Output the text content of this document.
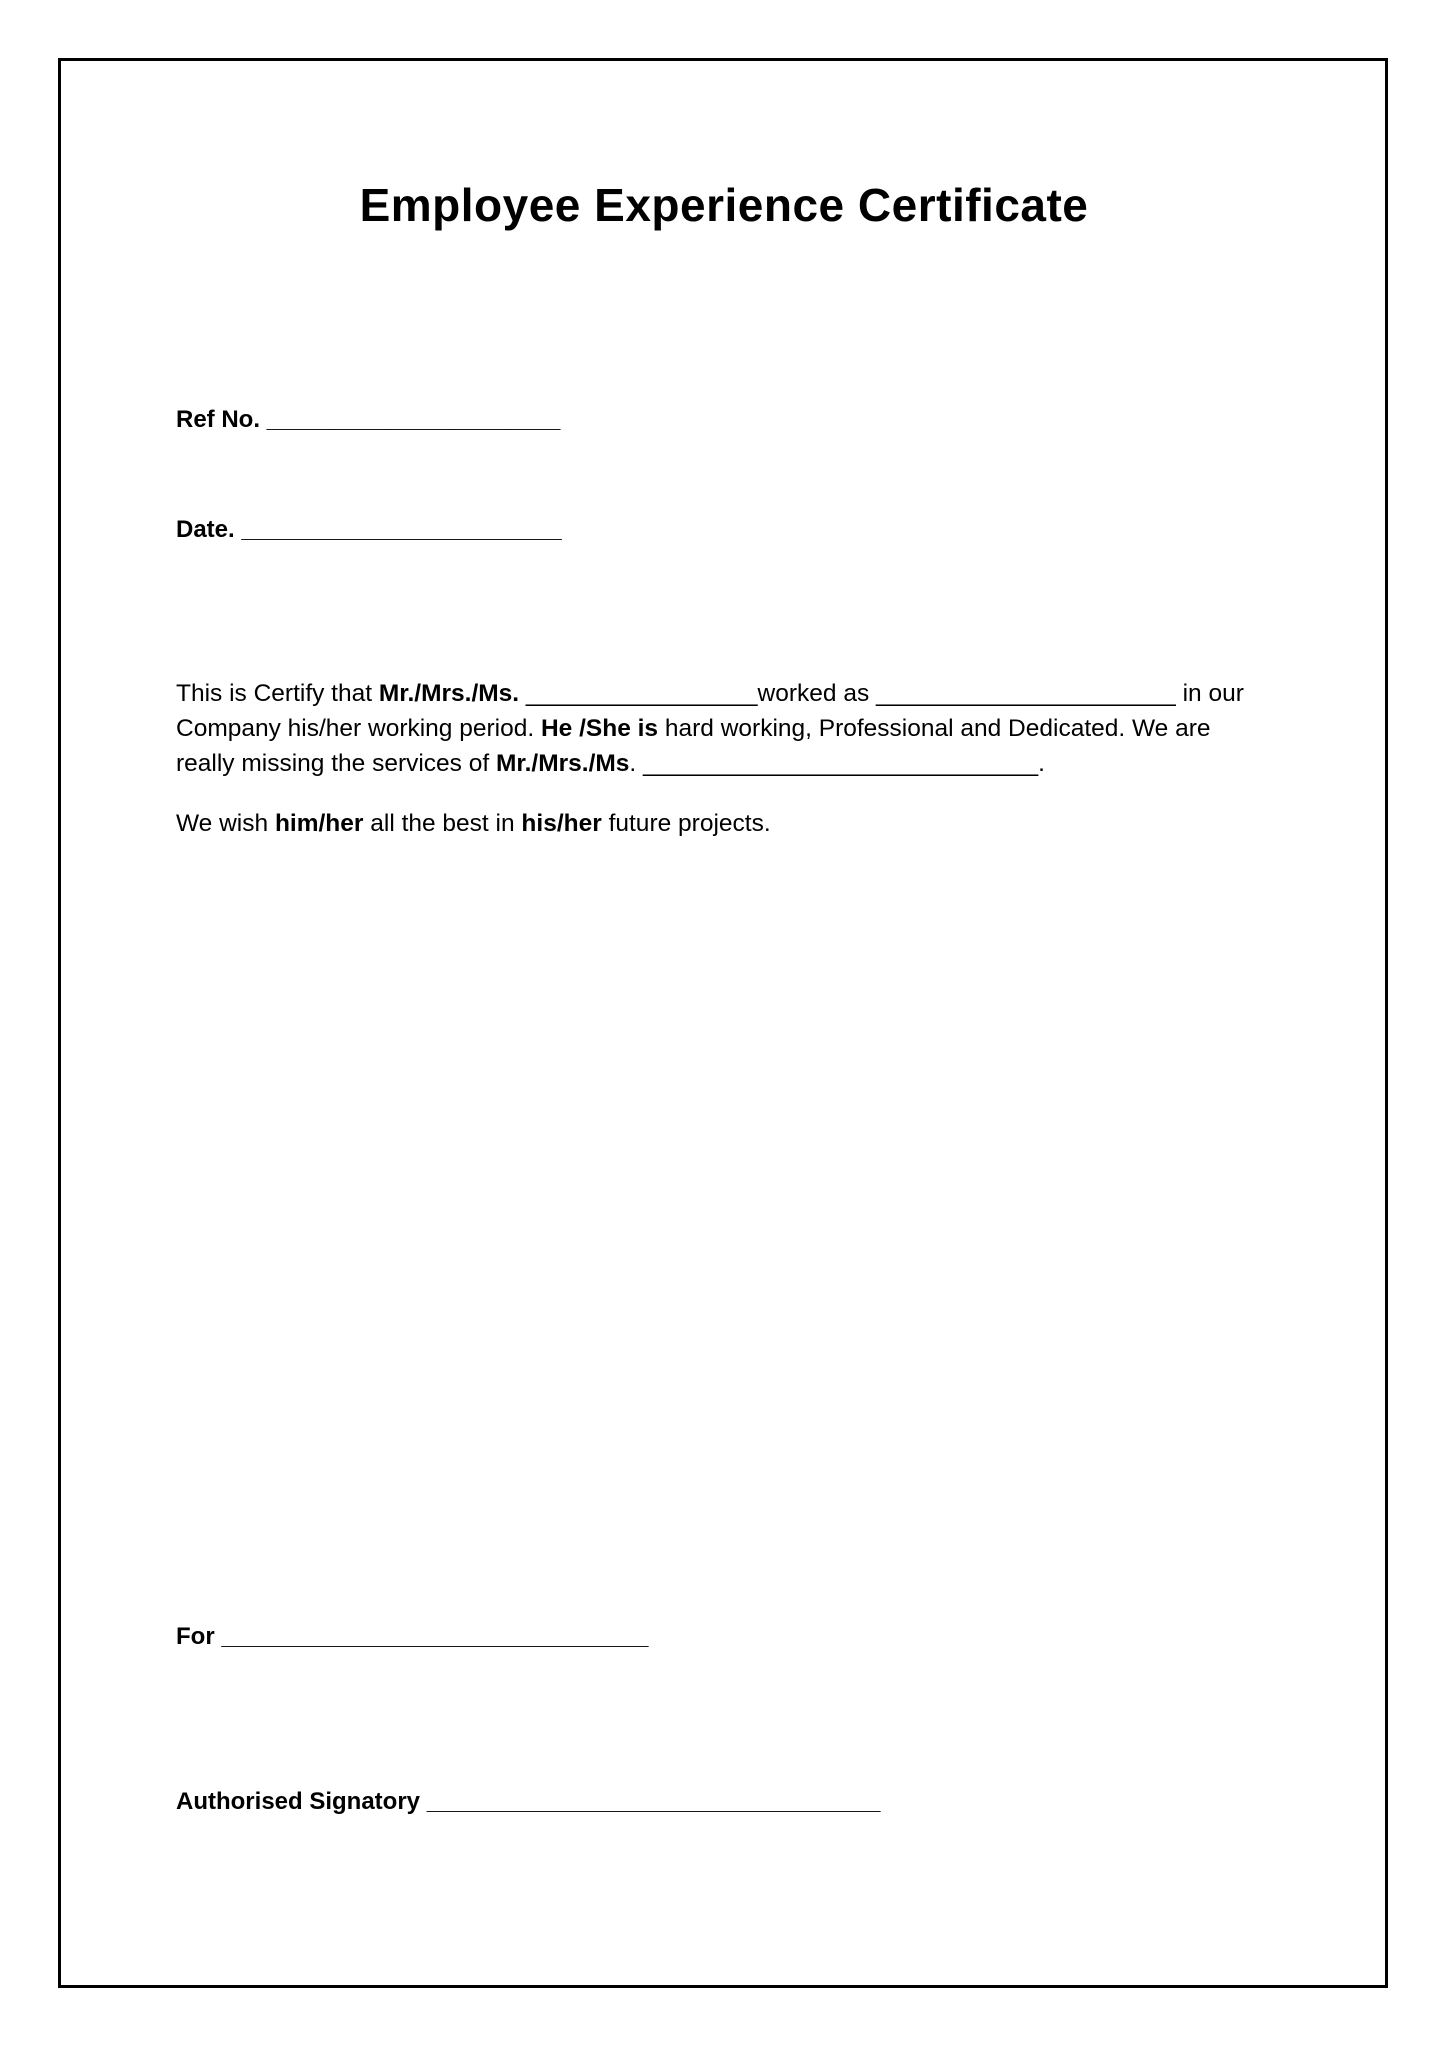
Employee Experience Certificate
Ref No. ______________________
Date. ________________________

This is Certify that Mr./Mrs./Ms. _________________worked as ______________________ in our

Company his/her working period. He /She is hard working, Professional and Dedicated. We are

really missing the services of Mr./Mrs./Ms. _____________________________.

We wish him/her all the best in his/her future projects.

For ________________________________
Authorised Signatory __________________________________
